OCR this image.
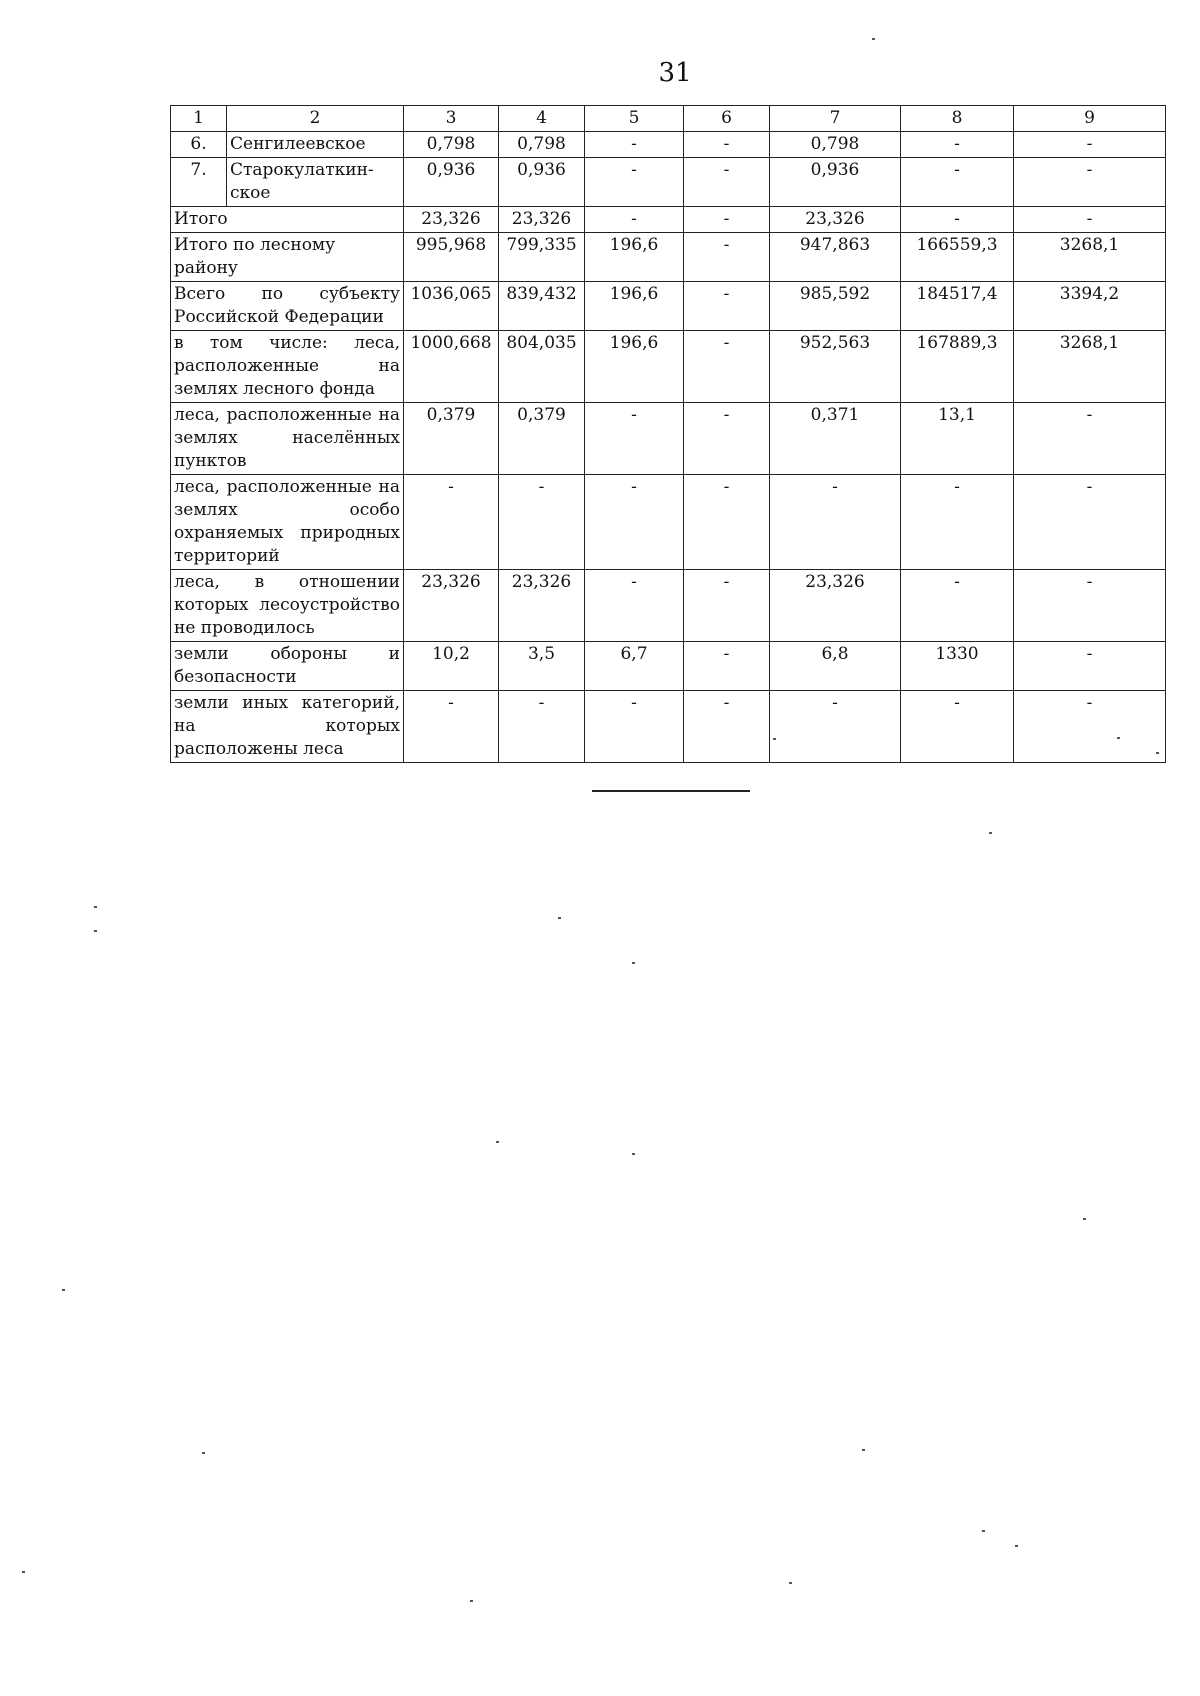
31
1	2	3	4	5	6	7	8	9
6.	Сенгилеевское	0,798	0,798	-	-	0,798	-	-
7.	Старокулаткин-ское	0,936	0,936	-	-	0,936	-	-
Итого		23,326	23,326	-	-	23,326	-	-
Итого по лесному району		995,968	799,335	196,6	-	947,863	166559,3	3268,1
Всего по субъекту Российской Федерации		1036,065	839,432	196,6	-	985,592	184517,4	3394,2
в том числе: леса, расположенные на землях лесного фонда		1000,668	804,035	196,6	-	952,563	167889,3	3268,1
леса, расположенные на землях населённых пунктов		0,379	0,379	-	-	0,371	13,1	-
леса, расположенные на землях особо охраняемых природных территорий		-	-	-	-	-	-	-
леса, в отношении которых лесоустройство не проводилось		23,326	23,326	-	-	23,326	-	-
земли обороны и безопасности		10,2	3,5	6,7	-	6,8	1330	-
земли иных категорий, на которых расположены леса		-	-	-	-	-	-	-
